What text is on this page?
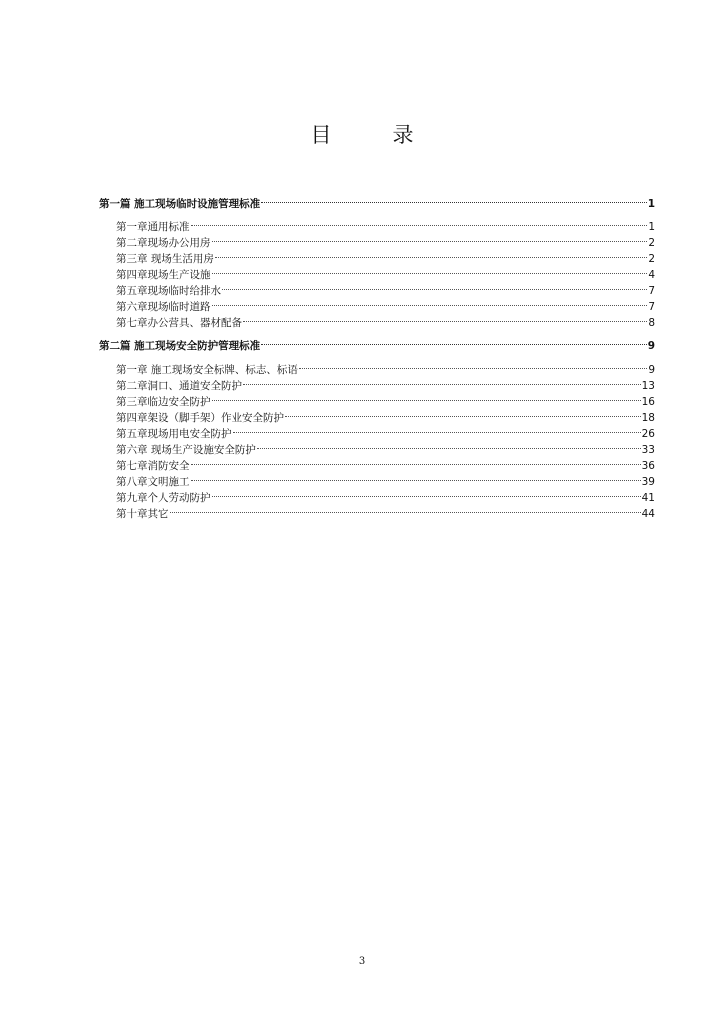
目　录
第一篇 施工现场临时设施管理标准	1
第一章通用标准	1
第二章现场办公用房	2
第三章 现场生活用房	2
第四章现场生产设施	4
第五章现场临时给排水	7
第六章现场临时道路	7
第七章办公营具、器材配备	8
第二篇 施工现场安全防护管理标准	9
第一章 施工现场安全标牌、标志、标语	9
第二章洞口、通道安全防护	13
第三章临边安全防护	16
第四章架设（脚手架）作业安全防护	18
第五章现场用电安全防护	26
第六章 现场生产设施安全防护	33
第七章消防安全	36
第八章文明施工	39
第九章个人劳动防护	41
第十章其它	44
3
